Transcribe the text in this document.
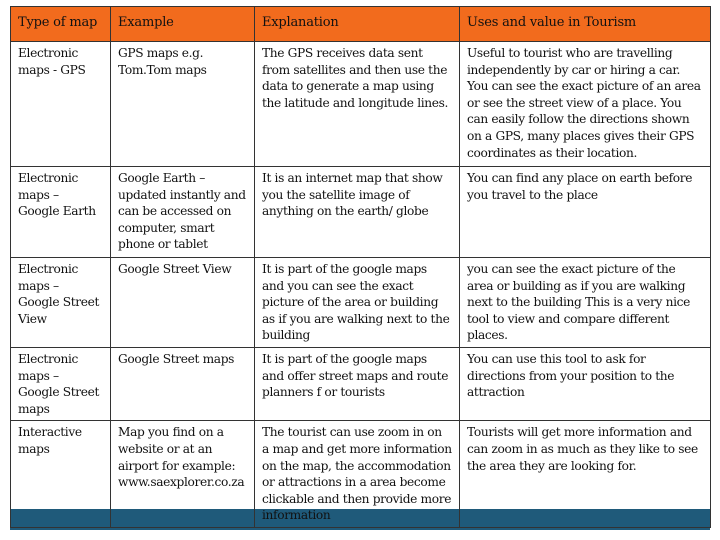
Type of map	Example	Explanation	Uses and value in Tourism
Electronic maps - GPS	GPS maps e.g. Tom.Tom maps	The GPS receives data sent from satellites and then use the data to generate a map using the latitude and longitude lines.	Useful to tourist who are travelling independently by car or hiring a car. You can see the exact picture of an area or see the street view of a place. You can easily follow the directions shown on a GPS, many places gives their GPS coordinates as their location.
Electronic maps – Google Earth	Google Earth – updated instantly and can be accessed on computer, smart phone or tablet	It is an internet map that show you the satellite image of anything on the earth/ globe	You can find any place on earth before you travel to the place
Electronic maps – Google Street View	Google Street View	It is part of the google maps and you can see the exact picture of the area or building as if you are walking next to the building	you can see the exact picture of the area or building as if you are walking next to the building This is a very nice tool to view and compare different places.
Electronic maps – Google Street maps	Google Street maps	It is part of the google maps and offer street maps and route planners f or tourists	You can use this tool to ask for directions from your position to the attraction
Interactive maps	Map you find on a website or at an airport for example: www.saexplorer.co.za	The tourist can use zoom in on a map and get more information on the map, the accommodation or attractions in a area become clickable and then provide more information	Tourists will get more information and can zoom in as much as they like to see the area they are looking for.
